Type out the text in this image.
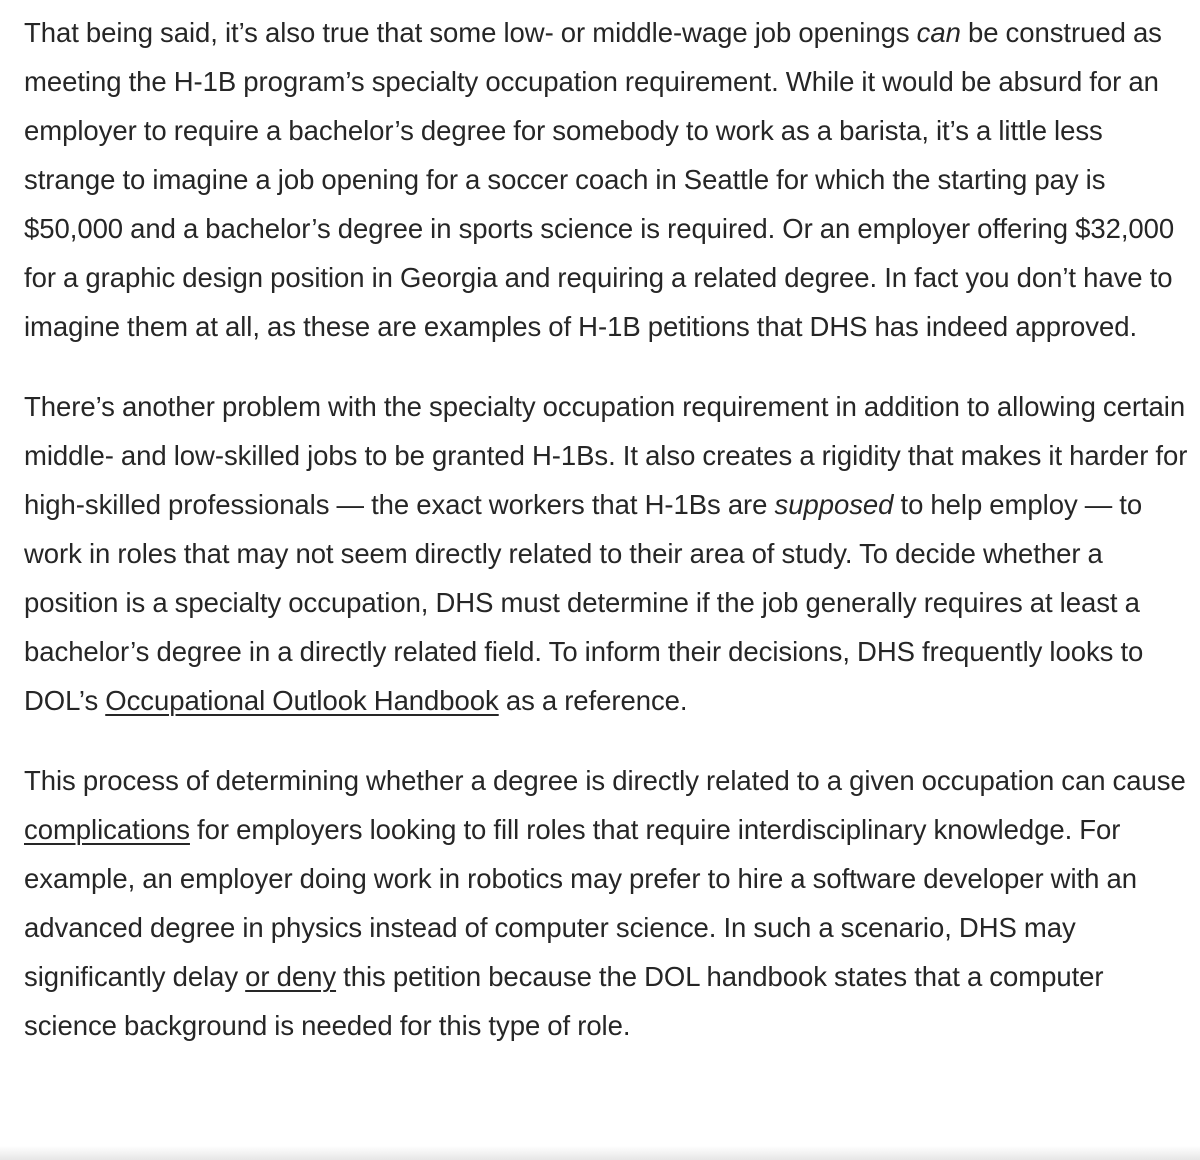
That being said, it’s also true that some low- or middle-wage job openings can be construed as meeting the H-1B program’s specialty occupation requirement. While it would be absurd for an employer to require a bachelor’s degree for somebody to work as a barista, it’s a little less strange to imagine a job opening for a soccer coach in Seattle for which the starting pay is $50,000 and a bachelor’s degree in sports science is required. Or an employer offering $32,000 for a graphic design position in Georgia and requiring a related degree. In fact you don’t have to imagine them at all, as these are examples of H-1B petitions that DHS has indeed approved.

There’s another problem with the specialty occupation requirement in addition to allowing certain middle- and low-skilled jobs to be granted H-1Bs. It also creates a rigidity that makes it harder for high-skilled professionals — the exact workers that H-1Bs are supposed to help employ — to work in roles that may not seem directly related to their area of study. To decide whether a position is a specialty occupation, DHS must determine if the job generally requires at least a bachelor’s degree in a directly related field. To inform their decisions, DHS frequently looks to DOL’s Occupational Outlook Handbook as a reference.

This process of determining whether a degree is directly related to a given occupation can cause complications for employers looking to fill roles that require interdisciplinary knowledge. For example, an employer doing work in robotics may prefer to hire a software developer with an advanced degree in physics instead of computer science. In such a scenario, DHS may significantly delay or deny this petition because the DOL handbook states that a computer science background is needed for this type of role.
